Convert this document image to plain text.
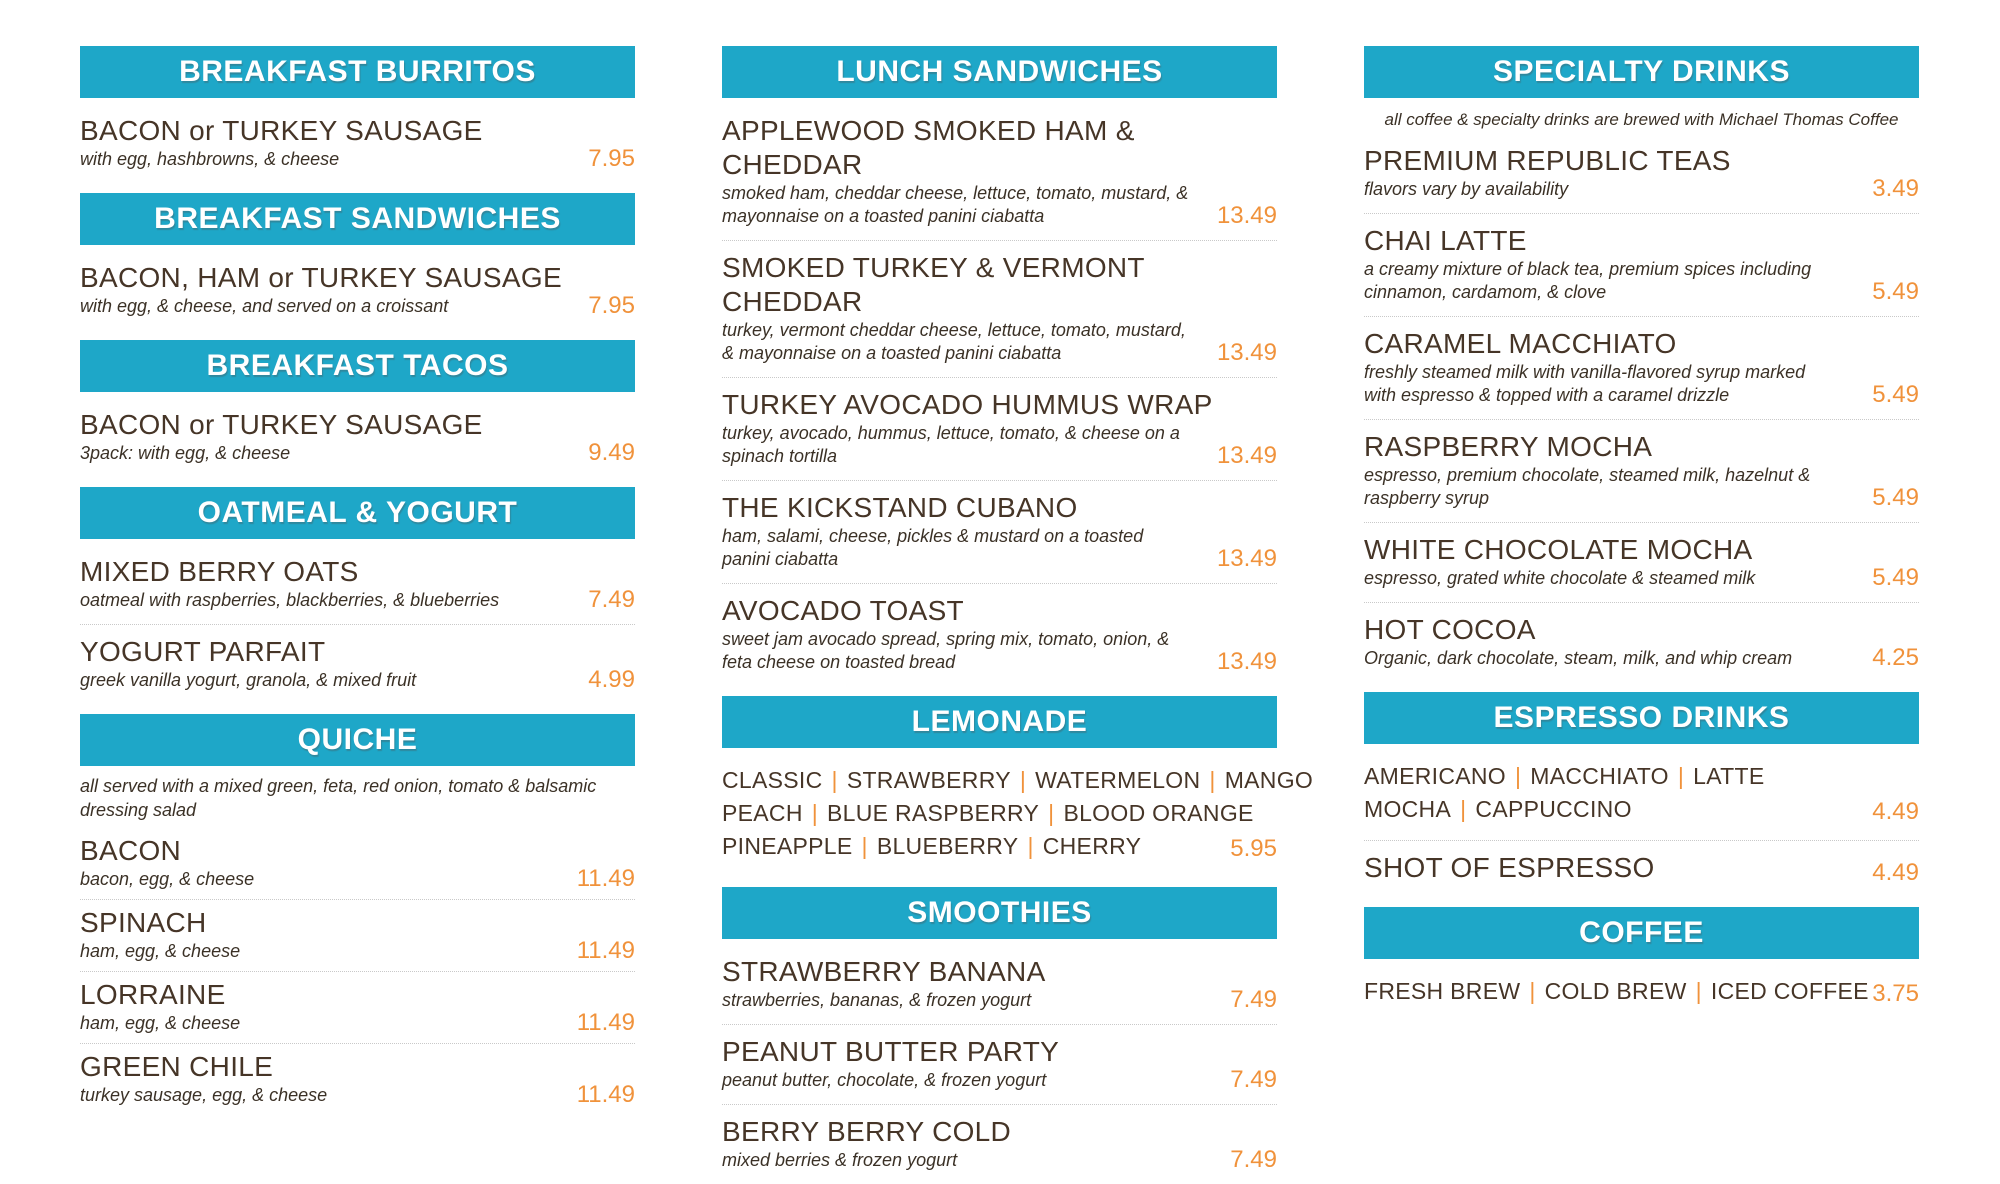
BREAKFAST BURRITOS
BACON or TURKEY SAUSAGE
with egg, hashbrowns, & cheese	7.95
BREAKFAST SANDWICHES
BACON, HAM or TURKEY SAUSAGE
with egg, & cheese, and served on a croissant	7.95
BREAKFAST TACOS
BACON or TURKEY SAUSAGE
3pack: with egg, & cheese	9.49
OATMEAL & YOGURT
MIXED BERRY OATS
oatmeal with raspberries, blackberries, & blueberries	7.49
YOGURT PARFAIT
greek vanilla yogurt, granola, & mixed fruit	4.99
QUICHE
all served with a mixed green, feta, red onion, tomato & balsamic dressing salad
BACON
bacon, egg, & cheese	11.49
SPINACH
ham, egg, & cheese	11.49
LORRAINE
ham, egg, & cheese	11.49
GREEN CHILE
turkey sausage, egg, & cheese	11.49
LUNCH SANDWICHES
APPLEWOOD SMOKED HAM & CHEDDAR
smoked ham, cheddar cheese, lettuce, tomato, mustard, & mayonnaise on a toasted panini ciabatta	13.49
SMOKED TURKEY & VERMONT CHEDDAR
turkey, vermont cheddar cheese, lettuce, tomato, mustard, & mayonnaise on a toasted panini ciabatta	13.49
TURKEY AVOCADO HUMMUS WRAP
turkey, avocado, hummus, lettuce, tomato, & cheese on a spinach tortilla	13.49
THE KICKSTAND CUBANO
ham, salami, cheese, pickles & mustard on a toasted panini ciabatta	13.49
AVOCADO TOAST
sweet jam avocado spread, spring mix, tomato, onion, & feta cheese on toasted bread	13.49
LEMONADE
CLASSIC | STRAWBERRY | WATERMELON | MANGO
PEACH | BLUE RASPBERRY | BLOOD ORANGE
PINEAPPLE | BLUEBERRY | CHERRY	5.95
SMOOTHIES
STRAWBERRY BANANA
strawberries, bananas, & frozen yogurt	7.49
PEANUT BUTTER PARTY
peanut butter, chocolate, & frozen yogurt	7.49
BERRY BERRY COLD
mixed berries & frozen yogurt	7.49
SPECIALTY DRINKS
all coffee & specialty drinks are brewed with Michael Thomas Coffee
PREMIUM REPUBLIC TEAS
flavors vary by availability	3.49
CHAI LATTE
a creamy mixture of black tea, premium spices including cinnamon, cardamom, & clove	5.49
CARAMEL MACCHIATO
freshly steamed milk with vanilla-flavored syrup marked with espresso & topped with a caramel drizzle	5.49
RASPBERRY MOCHA
espresso, premium chocolate, steamed milk, hazelnut & raspberry syrup	5.49
WHITE CHOCOLATE MOCHA
espresso, grated white chocolate & steamed milk	5.49
HOT COCOA
Organic, dark chocolate, steam, milk, and whip cream	4.25
ESPRESSO DRINKS
AMERICANO | MACCHIATO | LATTE
MOCHA | CAPPUCCINO	4.49
SHOT OF ESPRESSO	4.49
COFFEE
FRESH BREW | COLD BREW | ICED COFFEE 3.75
